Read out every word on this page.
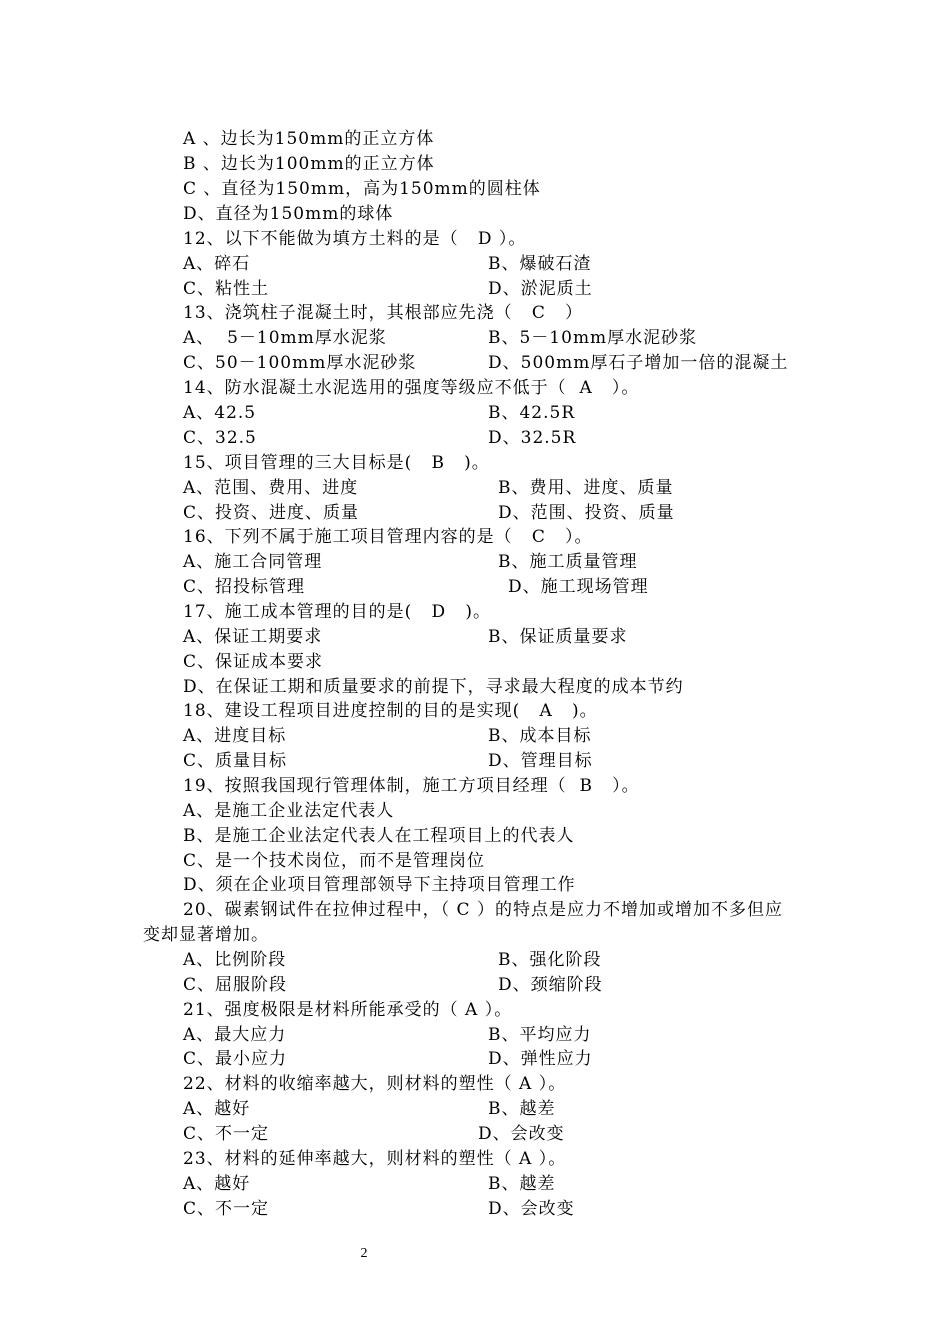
A 、边长为150mm的正立方体
B 、边长为100mm的正立方体
C 、直径为150mm，高为150mm的圆柱体
D、直径为150mm的球体
12、以下不能做为填方土料的是（   D ）。
A、碎石	B、爆破石渣
C、粘性土	D、淤泥质土
13、浇筑柱子混凝土时，其根部应先浇（   C   ）
A、  5－10mm厚水泥浆	B、5－10mm厚水泥砂浆
C、50－100mm厚水泥砂浆	D、500mm厚石子增加一倍的混凝土
14、防水混凝土水泥选用的强度等级应不低于（  A   ）。
A、42.5	B、42.5R
C、32.5	D、32.5R
15、项目管理的三大目标是(   B   )。
A、范围、费用、进度	B、费用、进度、质量
C、投资、进度、质量	D、范围、投资、质量
16、下列不属于施工项目管理内容的是（   C   ）。
A、施工合同管理	B、施工质量管理
C、招投标管理	D、施工现场管理
17、施工成本管理的目的是(   D   )。
A、保证工期要求	B、保证质量要求
C、保证成本要求
D、在保证工期和质量要求的前提下，寻求最大程度的成本节约
18、建设工程项目进度控制的目的是实现(   A   )。
A、进度目标	B、成本目标
C、质量目标	D、管理目标
19、按照我国现行管理体制，施工方项目经理（  B   ）。
A、是施工企业法定代表人
B、是施工企业法定代表人在工程项目上的代表人
C、是一个技术岗位，而不是管理岗位
D、须在企业项目管理部领导下主持项目管理工作
20、碳素钢试件在拉伸过程中，（ C ）的特点是应力不增加或增加不多但应
变却显著增加。
A、比例阶段	B、强化阶段
C、屈服阶段	D、颈缩阶段
21、强度极限是材料所能承受的（ A ）。
A、最大应力	B、平均应力
C、最小应力	D、弹性应力
22、材料的收缩率越大，则材料的塑性（ A ）。
A、越好	B、越差
C、不一定	D、会改变
23、材料的延伸率越大，则材料的塑性（ A ）。
A、越好	B、越差
C、不一定	D、会改变
2
